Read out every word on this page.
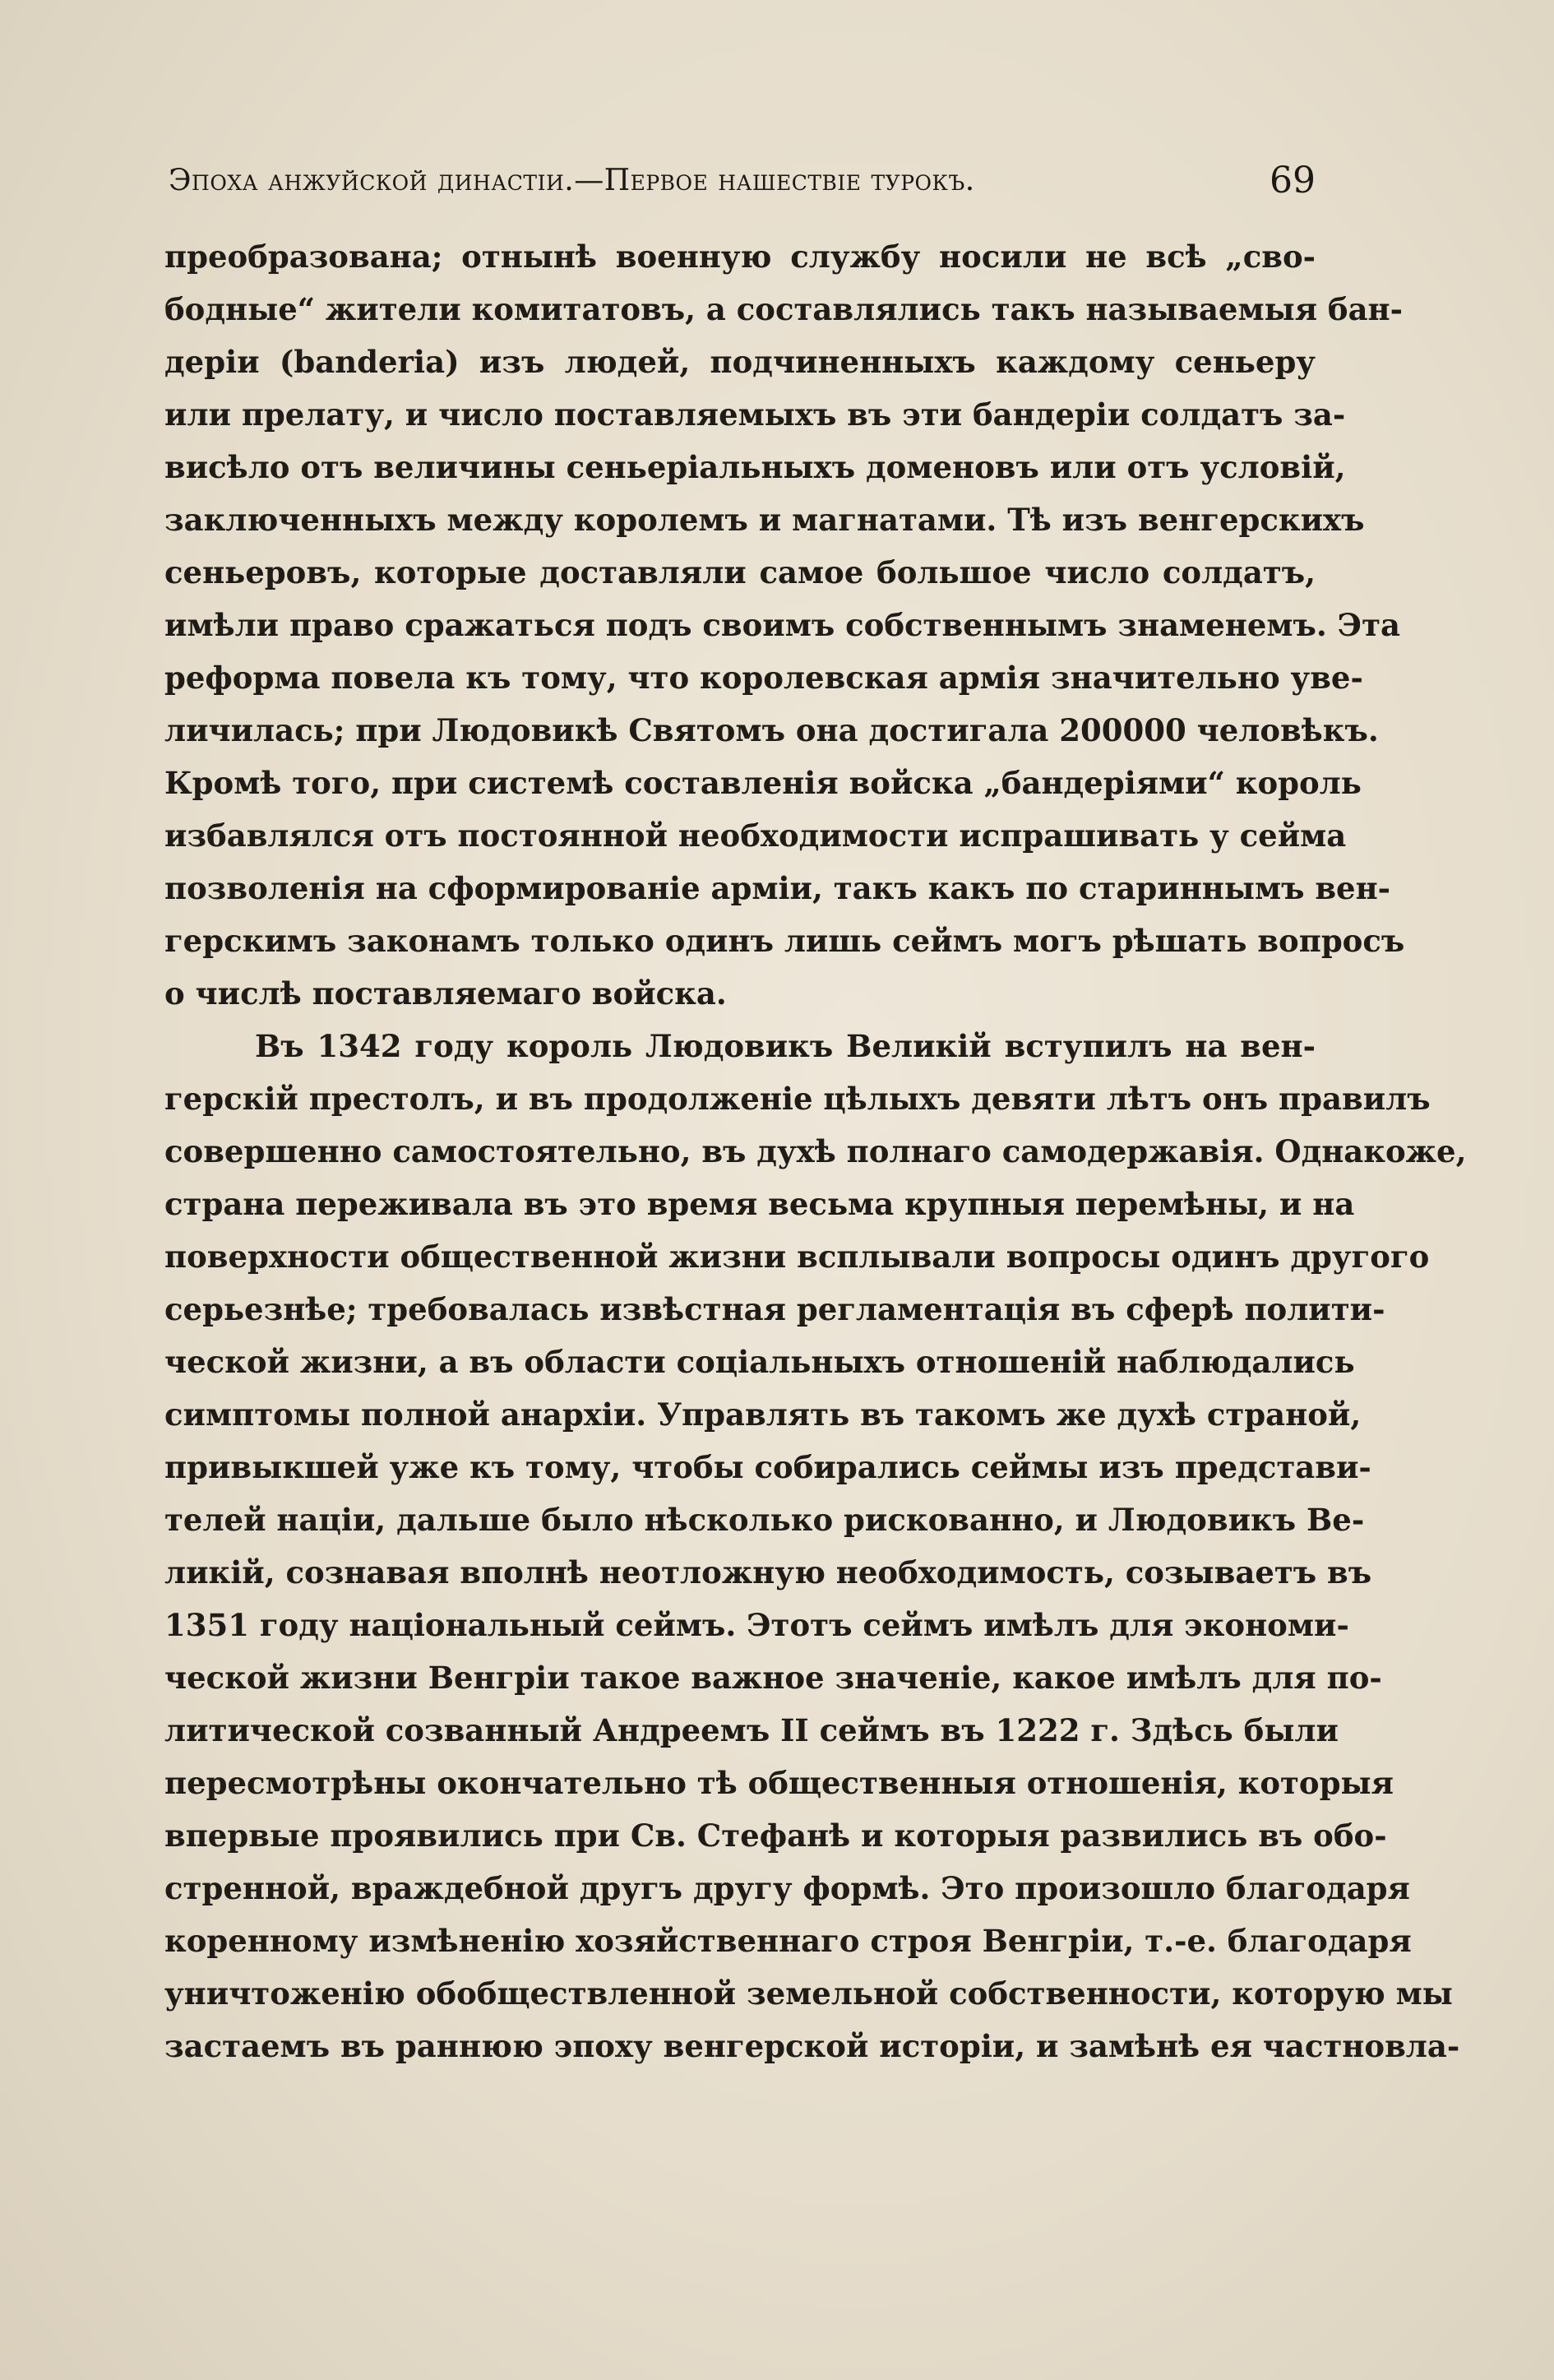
Эпоха анжуйской династіи.—Первое нашествіе турокъ.	69
преобразована; отнынѣ военную службу носили не всѣ „сво-
бодные“ жители комитатовъ, а составлялись такъ называемыя бан-
деріи (banderia) изъ людей, подчиненныхъ каждому сеньеру
или прелату, и число поставляемыхъ въ эти бандеріи солдатъ за-
висѣло отъ величины сеньеріальныхъ доменовъ или отъ условій,
заключенныхъ между королемъ и магнатами. Тѣ изъ венгерскихъ
сеньеровъ, которые доставляли самое большое число солдатъ,
имѣли право сражаться подъ своимъ собственнымъ знаменемъ. Эта
реформа повела къ тому, что королевская армія значительно уве-
личилась; при Людовикѣ Святомъ она достигала 200000 человѣкъ.
Кромѣ того, при системѣ составленія войска „бандеріями“ король
избавлялся отъ постоянной необходимости испрашивать у сейма
позволенія на сформированіе арміи, такъ какъ по стариннымъ вен-
герскимъ законамъ только одинъ лишь сеймъ могъ рѣшать вопросъ
о числѣ поставляемаго войска.
Въ 1342 году король Людовикъ Великій вступилъ на вен-
герскій престолъ, и въ продолженіе цѣлыхъ девяти лѣтъ онъ правилъ
совершенно самостоятельно, въ духѣ полнаго самодержавія. Однакоже,
страна переживала въ это время весьма крупныя перемѣны, и на
поверхности общественной жизни всплывали вопросы одинъ другого
серьезнѣе; требовалась извѣстная регламентація въ сферѣ полити-
ческой жизни, а въ области соціальныхъ отношеній наблюдались
симптомы полной анархіи. Управлять въ такомъ же духѣ страной,
привыкшей уже къ тому, чтобы собирались сеймы изъ представи-
телей націи, дальше было нѣсколько рискованно, и Людовикъ Ве-
ликій, сознавая вполнѣ неотложную необходимость, созываетъ въ
1351 году національный сеймъ. Этотъ сеймъ имѣлъ для экономи-
ческой жизни Венгріи такое важное значеніе, какое имѣлъ для по-
литической созванный Андреемъ II сеймъ въ 1222 г. Здѣсь были
пересмотрѣны окончательно тѣ общественныя отношенія, которыя
впервые проявились при Св. Стефанѣ и которыя развились въ обо-
стренной, враждебной другъ другу формѣ. Это произошло благодаря
коренному измѣненію хозяйственнаго строя Венгріи, т.-е. благодаря
уничтоженію обобществленной земельной собственности, которую мы
застаемъ въ раннюю эпоху венгерской исторіи, и замѣнѣ ея частновла-
